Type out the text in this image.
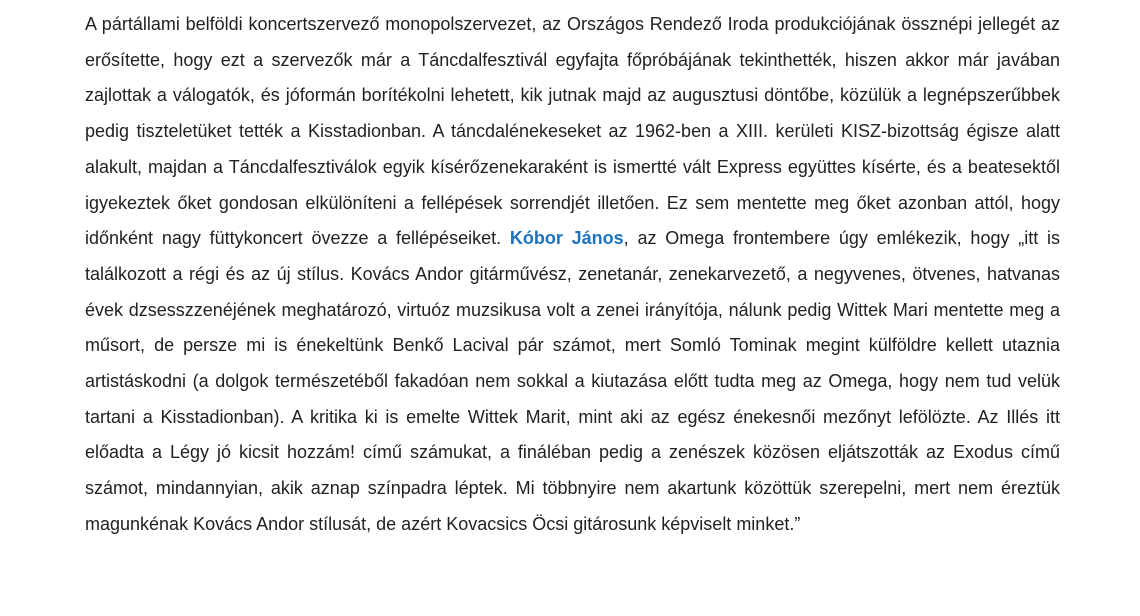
A pártállami belföldi koncertszervező monopolszervezet, az Országos Rendező Iroda produkciójának össznépi jellegét az erősítette, hogy ezt a szervezők már a Táncdalfesztivál egyfajta főpróbájának tekinthették, hiszen akkor már javában zajlottak a válogatók, és jóformán borítékolni lehetett, kik jutnak majd az augusztusi döntőbe, közülük a legnépszerűbbek pedig tiszteletüket tették a Kisstadionban. A táncdalénekeseket az 1962-ben a XIII. kerületi KISZ-bizottság égisze alatt alakult, majdan a Táncdalfesztiválok egyik kísérőzenekaraként is ismertté vált Express együttes kísérte, és a beatesektől igyekeztek őket gondosan elkülöníteni a fellépések sorrendjét illetően. Ez sem mentette meg őket azonban attól, hogy időnként nagy füttykoncert övezze a fellépéseiket. Kóbor János, az Omega frontembere úgy emlékezik, hogy „itt is találkozott a régi és az új stílus. Kovács Andor gitárművész, zenetanár, zenekarvezető, a negyvenes, ötvenes, hatvanas évek dzsesszzenéjének meghatározó, virtuóz muzsikusa volt a zenei irányítója, nálunk pedig Wittek Mari mentette meg a műsort, de persze mi is énekeltünk Benkő Lacival pár számot, mert Somló Tominak megint külföldre kellett utaznia artistáskodni (a dolgok természetéből fakadóan nem sokkal a kiutazása előtt tudta meg az Omega, hogy nem tud velük tartani a Kisstadionban). A kritika ki is emelte Wittek Marit, mint aki az egész énekesnői mezőnyt lefölözte. Az Illés itt előadta a Légy jó kicsit hozzám! című számukat, a fináléban pedig a zenészek közösen eljátszották az Exodus című számot, mindannyian, akik aznap színpadra léptek. Mi többnyire nem akartunk közöttük szerepelni, mert nem éreztük magunkénak Kovács Andor stílusát, de azért Kovacsics Öcsi gitárosunk képviselt minket.”
